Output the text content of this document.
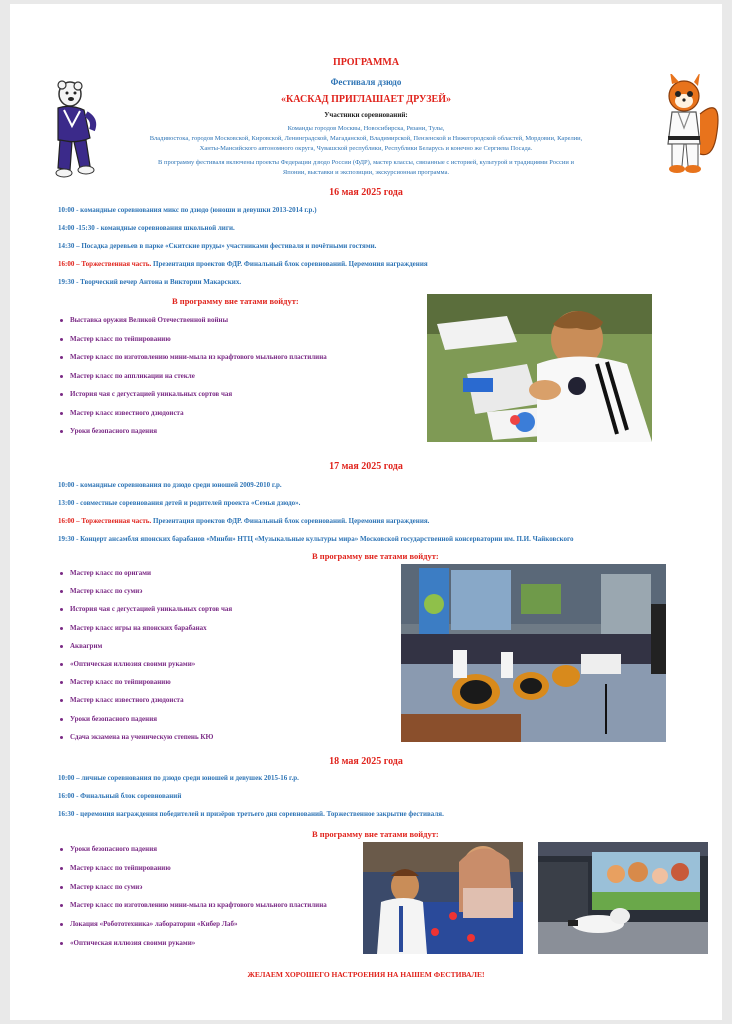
ПРОГРАММА
Фестиваля дзюдо
«КАСКАД ПРИГЛАШАЕТ ДРУЗЕЙ»
Участники соревнований:
Команды городов Москвы, Новосибирска, Рязани, Тулы,
Владивостока, городов Московской, Кировской, Ленинградской, Магаданской, Владимирской, Пензенской и Нижегородской областей, Мордовии, Карелии,
Ханты-Мансийского автономного округа, Чувашской республики, Республики Беларусь и конечно же Сергиева Посада.
В программу фестиваля включены проекты Федерации дзюдо России (ФДР), мастер классы, связанные с историей, культурой и традициями России и
Японии, выставки и экспозиции, экскурсионная программа.
16 мая 2025 года
10:00 - командные соревнования микс по дзюдо (юноши и девушки 2013-2014 г.р.)
14:00 -15:30 - командные соревнования школьной лиги.
14:30 – Посадка деревьев в парке «Скитские пруды» участниками фестиваля и почётными гостями.
16:00 – Торжественная часть. Презентация проектов ФДР. Финальный блок соревнований. Церемония награждения
19:30 - Творческий вечер Антона и Виктории Макарских.
В программу вне татами войдут:
Выставка оружия Великой Отечественной войны
Мастер класс по тейпированию
Мастер класс по изготовлению мини-мыла из крафтового мыльного пластилина
Мастер класс по аппликации на стекле
История чая с дегустацией уникальных сортов чая
Мастер класс известного дзюдоиста
Уроки безопасного падения
17 мая 2025 года
10:00 - командные соревнования по дзюдо среди юношей 2009-2010 г.р.
13:00 - совместные соревнования детей и родителей проекта «Семья дзюдо».
16:00 – Торжественная часть. Презентация проектов ФДР. Финальный блок соревнований. Церемония награждения.
19:30 - Концерт ансамбля японских барабанов «Минби» НТЦ «Музыкальные культуры мира» Московской государственной консерватории им. П.И. Чайковского
В программу вне татами войдут:
Мастер класс по оригами
Мастер класс по сумиэ
История чая с дегустацией уникальных сортов чая
Мастер класс игры на японских барабанах
Аквагрим
«Оптическая иллюзия своими руками»
Мастер класс по тейпированию
Мастер класс известного дзюдоиста
Уроки безопасного падения
Сдача экзамена на ученическую степень КЮ
18 мая 2025 года
10:00 – личные соревнования по дзюдо среди юношей и девушек 2015-16 г.р.
16:00 - Финальный блок соревнований
16:30 - церемония награждения победителей и призёров третьего дня соревнований. Торжественное закрытие фестиваля.
В программу вне татами войдут:
Уроки безопасного падения
Мастер класс по тейпированию
Мастер класс по сумиэ
Мастер класс по изготовлению мини-мыла из крафтового мыльного пластилина
Локация «Робототехника» лаборатории «Кибер Лаб»
«Оптическая иллюзия своими руками»
ЖЕЛАЕМ ХОРОШЕГО НАСТРОЕНИЯ НА НАШЕМ ФЕСТИВАЛЕ!
